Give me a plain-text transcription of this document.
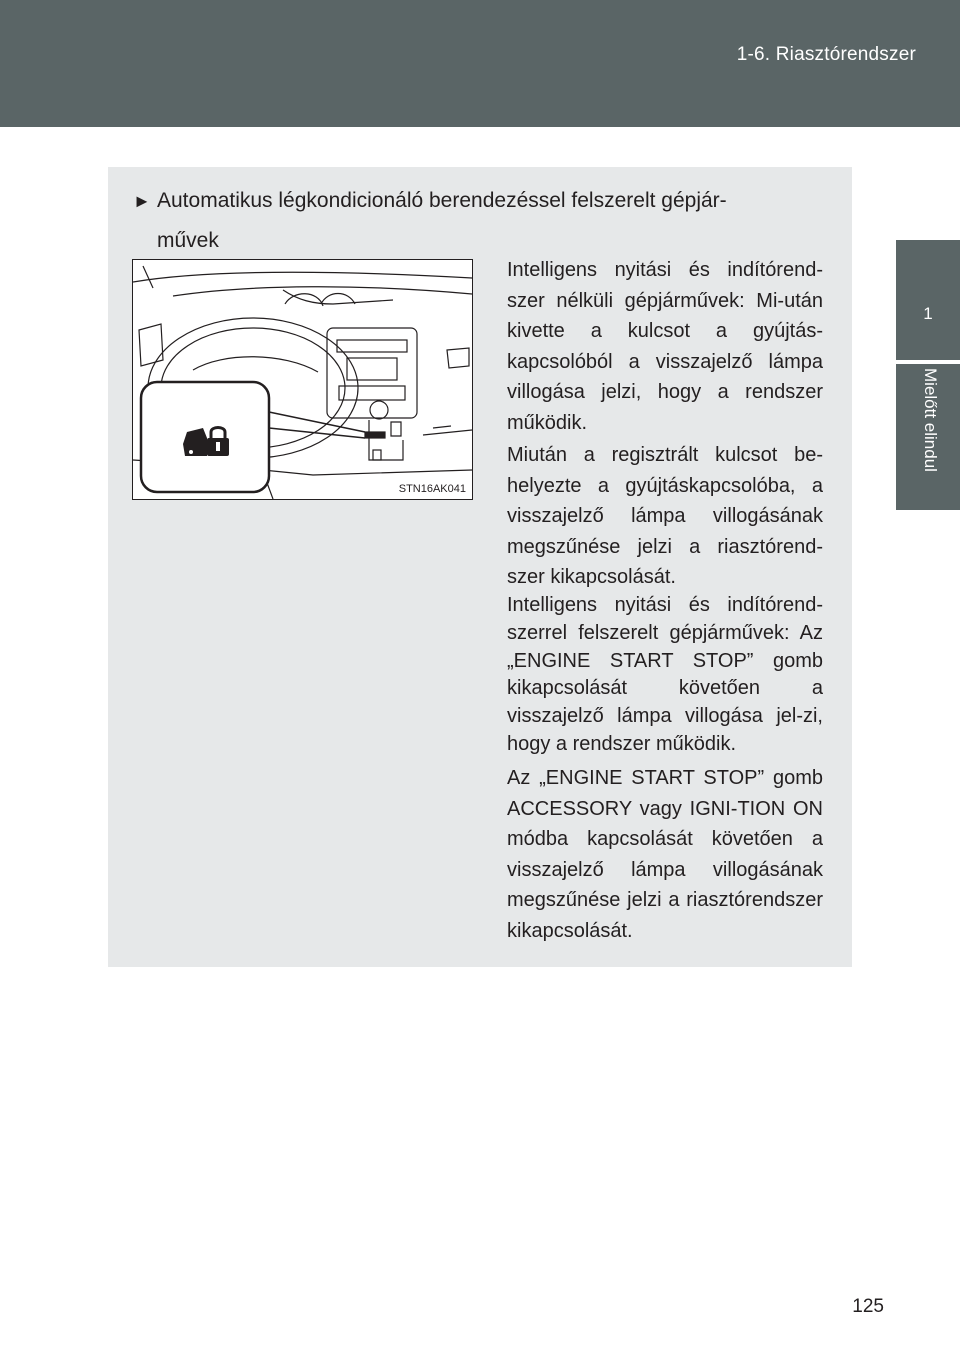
1-6. Riasztórendszer
1
Mielőtt elindul
► Automatikus légkondicionáló berendezéssel felszerelt gépjár-
művek
STN16AK041

Intelligens nyitási és indítórend-szer nélküli gépjárművek: Mi-után kivette a kulcsot a gyújtás-kapcsolóból a visszajelző lámpa villogása jelzi, hogy a rendszer működik.

Miután a regisztrált kulcsot be-helyezte a gyújtáskapcsolóba, a visszajelző lámpa villogásának megszűnése jelzi a riasztórend-szer kikapcsolását.

Intelligens nyitási és indítórend-szerrel felszerelt gépjárművek: Az „ENGINE START STOP” gomb kikapcsolását követően a visszajelző lámpa villogása jel-zi, hogy a rendszer működik.

Az „ENGINE START STOP” gomb ACCESSORY vagy IGNI-TION ON módba kapcsolását követően a visszajelző lámpa villogásának megszűnése jelzi a riasztórendszer kikapcsolását.

125
